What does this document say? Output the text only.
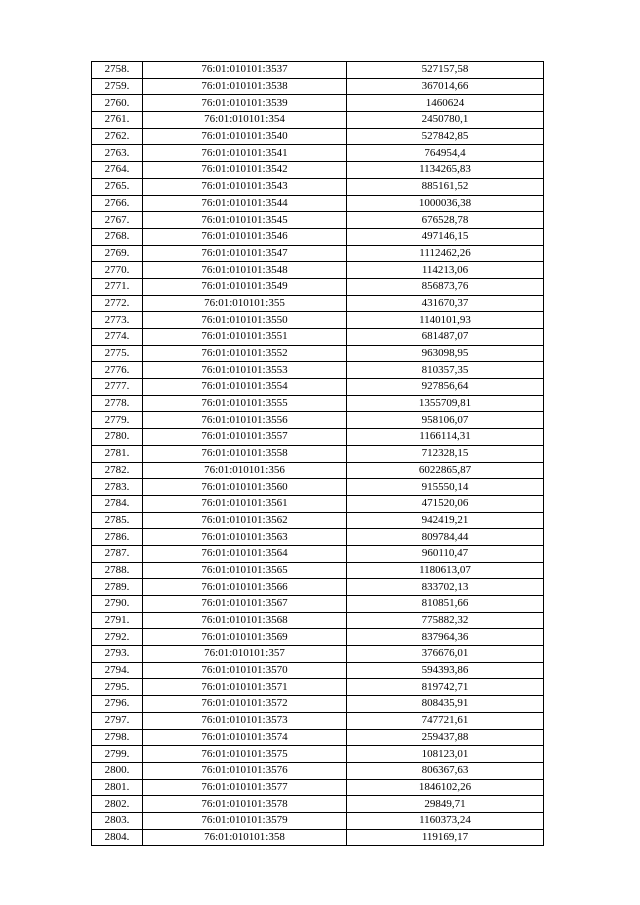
2758.	76:01:010101:3537	527157,58
2759.	76:01:010101:3538	367014,66
2760.	76:01:010101:3539	1460624
2761.	76:01:010101:354	2450780,1
2762.	76:01:010101:3540	527842,85
2763.	76:01:010101:3541	764954,4
2764.	76:01:010101:3542	1134265,83
2765.	76:01:010101:3543	885161,52
2766.	76:01:010101:3544	1000036,38
2767.	76:01:010101:3545	676528,78
2768.	76:01:010101:3546	497146,15
2769.	76:01:010101:3547	1112462,26
2770.	76:01:010101:3548	114213,06
2771.	76:01:010101:3549	856873,76
2772.	76:01:010101:355	431670,37
2773.	76:01:010101:3550	1140101,93
2774.	76:01:010101:3551	681487,07
2775.	76:01:010101:3552	963098,95
2776.	76:01:010101:3553	810357,35
2777.	76:01:010101:3554	927856,64
2778.	76:01:010101:3555	1355709,81
2779.	76:01:010101:3556	958106,07
2780.	76:01:010101:3557	1166114,31
2781.	76:01:010101:3558	712328,15
2782.	76:01:010101:356	6022865,87
2783.	76:01:010101:3560	915550,14
2784.	76:01:010101:3561	471520,06
2785.	76:01:010101:3562	942419,21
2786.	76:01:010101:3563	809784,44
2787.	76:01:010101:3564	960110,47
2788.	76:01:010101:3565	1180613,07
2789.	76:01:010101:3566	833702,13
2790.	76:01:010101:3567	810851,66
2791.	76:01:010101:3568	775882,32
2792.	76:01:010101:3569	837964,36
2793.	76:01:010101:357	376676,01
2794.	76:01:010101:3570	594393,86
2795.	76:01:010101:3571	819742,71
2796.	76:01:010101:3572	808435,91
2797.	76:01:010101:3573	747721,61
2798.	76:01:010101:3574	259437,88
2799.	76:01:010101:3575	108123,01
2800.	76:01:010101:3576	806367,63
2801.	76:01:010101:3577	1846102,26
2802.	76:01:010101:3578	29849,71
2803.	76:01:010101:3579	1160373,24
2804.	76:01:010101:358	119169,17
